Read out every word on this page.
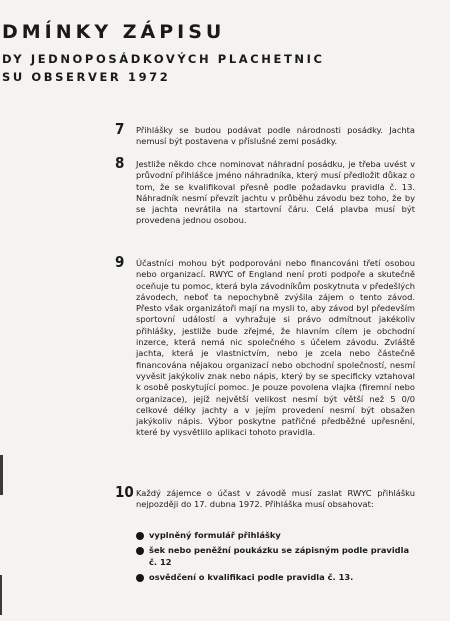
DMÍNKY ZÁPISU
DY JEDNOPOSÁDKOVÝCH PLACHETNIC
SU OBSERVER 1972
7 Přihlášky se budou podávat podle národnosti posádky. Jachta nemusí být postavena v příslušné zemi posádky.
8 Jestliže někdo chce nominovat náhradní posádku, je třeba uvést v průvodní přihlášce jméno náhradníka, který musí předložit důkaz o tom, že se kvalifikoval přesně podle požadavku pravidla č. 13. Náhradník nesmí převzít jachtu v průběhu závodu bez toho, že by se jachta nevrátila na startovní čáru. Celá plavba musí být provedena jednou osobou.
9 Účastníci mohou být podporováni nebo financováni třetí osobou nebo organizací. RWYC of England není proti podpoře a skutečně oceňuje tu pomoc, která byla závodníkům poskytnuta v předešlých závodech, neboť ta nepochybně zvýšila zájem o tento závod. Přesto však organizátoři mají na mysli to, aby závod byl především sportovní událostí a vyhražuje si právo odmítnout jakékoliv přihlášky, jestliže bude zřejmé, že hlavním cílem je obchodní inzerce, která nemá nic společného s účelem závodu. Zvláště jachta, která je vlastnictvím, nebo je zcela nebo částečně financována nějakou organizací nebo obchodní společností, nesmí vyvěsit jakýkoliv znak nebo nápis, který by se specificky vztahoval k osobě poskytující pomoc. Je pouze povolena vlajka (firemní nebo organizace), jejíž největší velikost nesmí být větší než 5 0/0 celkové délky jachty a v jejím provedení nesmí být obsažen jakýkoliv nápis. Výbor poskytne patřičné předběžné upřesnění, které by vysvětlilo aplikaci tohoto pravidla.
10 Každý zájemce o účast v závodě musí zaslat RWYC přihlášku nejpozději do 17. dubna 1972. Přihláška musí obsahovat:
vyplněný formulář přihlášky
šek nebo peněžní poukázku se zápisným podle pravidla č. 12
osvědčení o kvalifikaci podle pravidla č. 13.
